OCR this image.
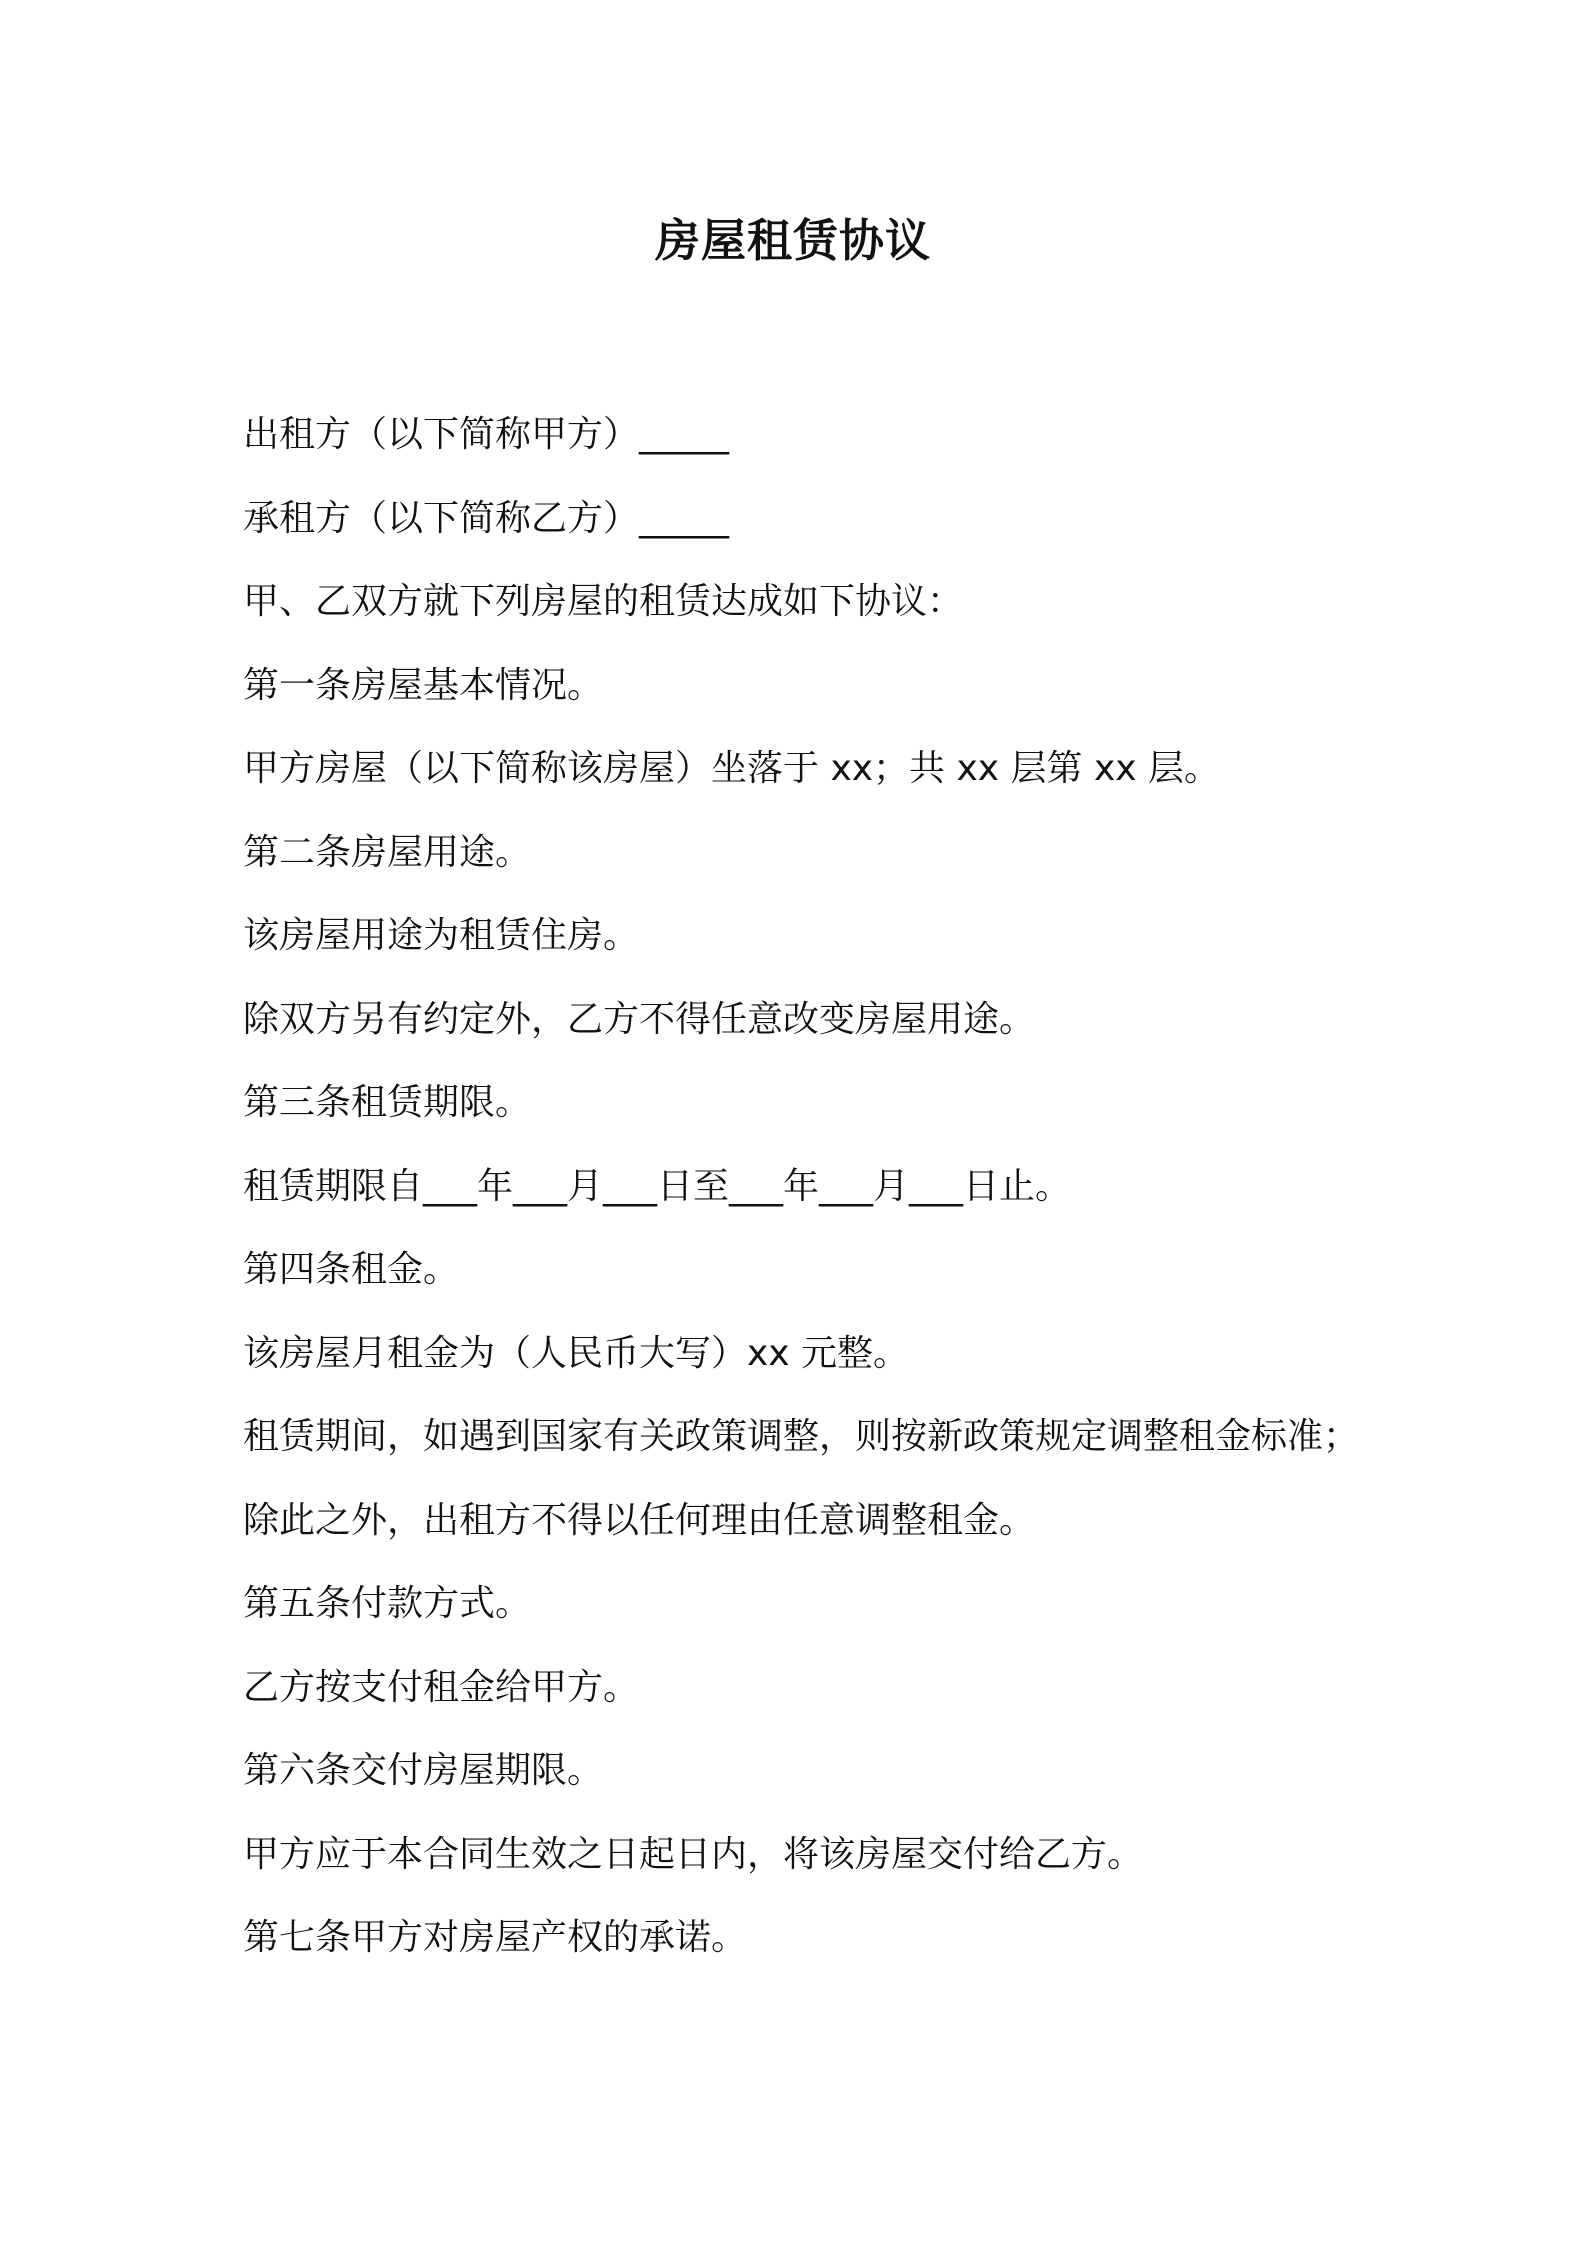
房屋租赁协议

出租方（以下简称甲方）_____

承租方（以下简称乙方）_____

甲、乙双方就下列房屋的租赁达成如下协议：

第一条房屋基本情况。

甲方房屋（以下简称该房屋）坐落于 xx；共 xx 层第 xx 层。

第二条房屋用途。

该房屋用途为租赁住房。

除双方另有约定外，乙方不得任意改变房屋用途。

第三条租赁期限。

租赁期限自___年___月___日至___年___月___日止。

第四条租金。

该房屋月租金为（人民币大写）xx 元整。

租赁期间，如遇到国家有关政策调整，则按新政策规定调整租金标准；

除此之外，出租方不得以任何理由任意调整租金。

第五条付款方式。

乙方按支付租金给甲方。

第六条交付房屋期限。

甲方应于本合同生效之日起日内，将该房屋交付给乙方。

第七条甲方对房屋产权的承诺。
